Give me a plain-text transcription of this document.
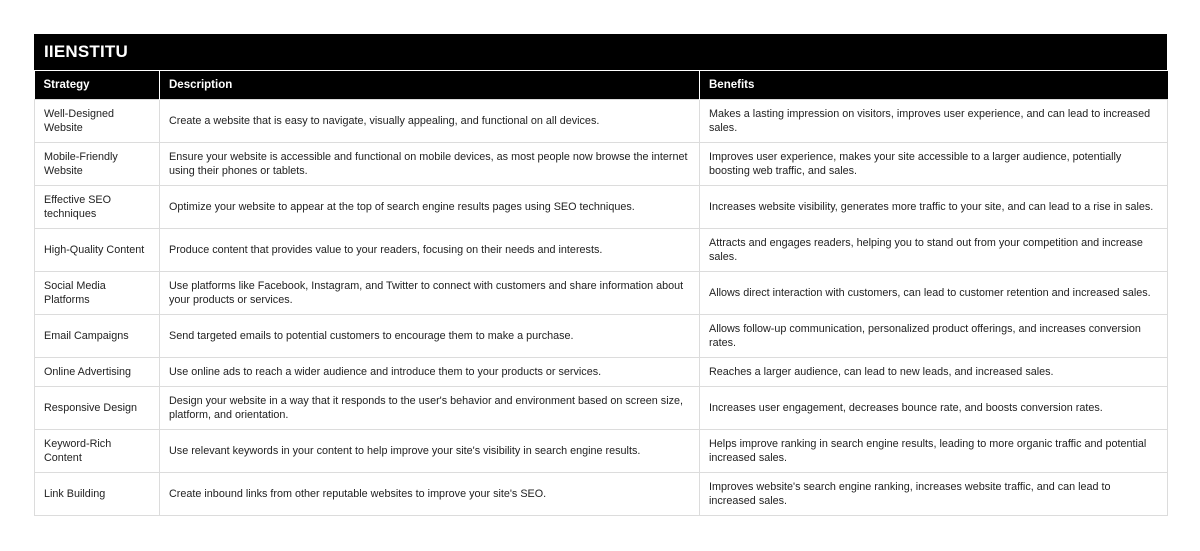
IIENSTITU
Strategy	Description	Benefits
Well-Designed Website	Create a website that is easy to navigate, visually appealing, and functional on all devices.	Makes a lasting impression on visitors, improves user experience, and can lead to increased sales.
Mobile-Friendly Website	Ensure your website is accessible and functional on mobile devices, as most people now browse the internet using their phones or tablets.	Improves user experience, makes your site accessible to a larger audience, potentially boosting web traffic, and sales.
Effective SEO techniques	Optimize your website to appear at the top of search engine results pages using SEO techniques.	Increases website visibility, generates more traffic to your site, and can lead to a rise in sales.
High-Quality Content	Produce content that provides value to your readers, focusing on their needs and interests.	Attracts and engages readers, helping you to stand out from your competition and increase sales.
Social Media Platforms	Use platforms like Facebook, Instagram, and Twitter to connect with customers and share information about your products or services.	Allows direct interaction with customers, can lead to customer retention and increased sales.
Email Campaigns	Send targeted emails to potential customers to encourage them to make a purchase.	Allows follow-up communication, personalized product offerings, and increases conversion rates.
Online Advertising	Use online ads to reach a wider audience and introduce them to your products or services.	Reaches a larger audience, can lead to new leads, and increased sales.
Responsive Design	Design your website in a way that it responds to the user's behavior and environment based on screen size, platform, and orientation.	Increases user engagement, decreases bounce rate, and boosts conversion rates.
Keyword-Rich Content	Use relevant keywords in your content to help improve your site's visibility in search engine results.	Helps improve ranking in search engine results, leading to more organic traffic and potential increased sales.
Link Building	Create inbound links from other reputable websites to improve your site's SEO.	Improves website's search engine ranking, increases website traffic, and can lead to increased sales.
